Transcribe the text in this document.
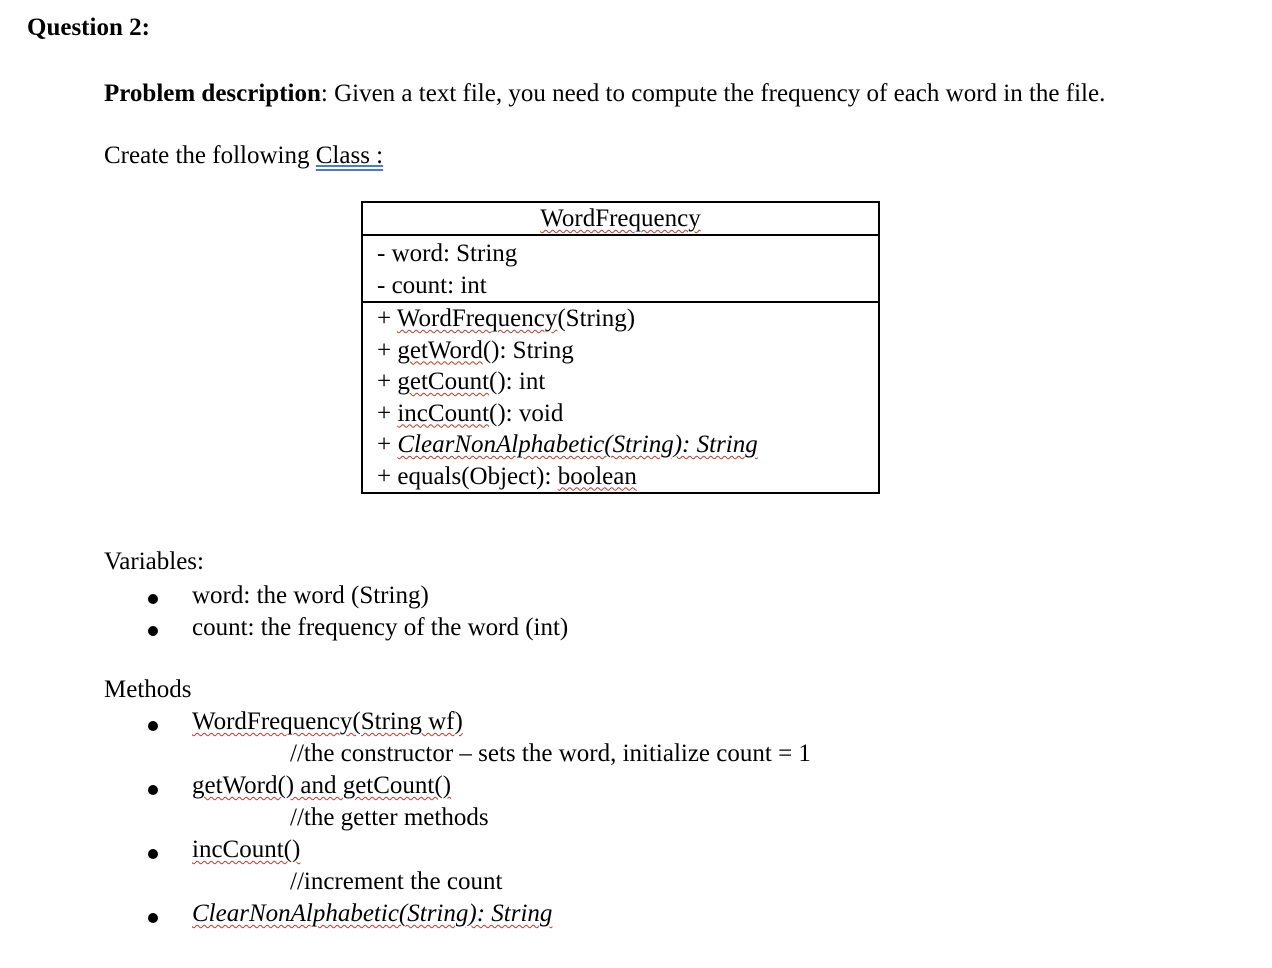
Question 2:
Problem description: Given a text file, you need to compute the frequency of each word in the file.
Create the following Class :
WordFrequency
- word: String
- count: int
+ WordFrequency(String)
+ getWord(): String
+ getCount(): int
+ incCount(): void
+ ClearNonAlphabetic(String): String
+ equals(Object): boolean
Variables:
word: the word (String)
count: the frequency of the word (int)
Methods
WordFrequency(String wf)
//the constructor – sets the word, initialize count = 1
getWord() and getCount()
//the getter methods
incCount()
//increment the count
ClearNonAlphabetic(String): String
